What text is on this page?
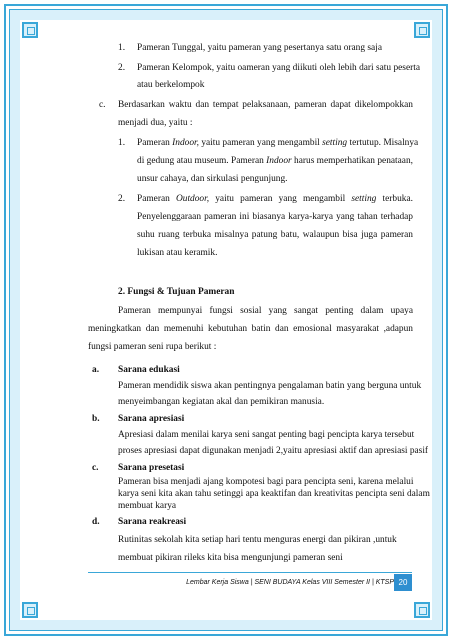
1. Pameran Tunggal, yaitu pameran yang pesertanya satu orang saja
2. Pameran Kelompok, yaitu oameran yang diikuti oleh lebih dari satu peserta
atau berkelompok
c. Berdasarkan waktu dan tempat pelaksanaan, pameran dapat dikelompokkan
menjadi dua, yaitu :
1. Pameran Indoor, yaitu pameran yang mengambil setting tertutup. Misalnya
di gedung atau museum. Pameran Indoor harus memperhatikan penataan,
unsur cahaya, dan sirkulasi pengunjung.
2. Pameran Outdoor, yaitu pameran yang mengambil setting terbuka.
Penyelenggaraan pameran ini biasanya karya-karya yang tahan terhadap
suhu ruang terbuka misalnya patung batu, walaupun bisa juga pameran
lukisan atau keramik.
2. Fungsi & Tujuan Pameran
Pameran mempunyai fungsi sosial yang sangat penting dalam upaya
meningkatkan dan memenuhi kebutuhan batin dan emosional masyarakat ,adapun
fungsi pameran seni rupa berikut :
a. Sarana edukasi
Pameran mendidik siswa akan pentingnya pengalaman batin yang berguna untuk
menyeimbangan kegiatan akal dan pemikiran manusia.
b. Sarana apresiasi
Apresiasi dalam menilai karya seni sangat penting bagi pencipta karya tersebut
proses apresiasi dapat digunakan menjadi 2,yaitu apresiasi aktif dan apresiasi pasif
c. Sarana presetasi
Pameran bisa menjadi ajang kompotesi bagi para pencipta seni, karena melalui
karya seni kita akan tahu setinggi apa keaktifan dan kreativitas pencipta seni dalam
membuat karya
d. Sarana reakreasi
Rutinitas sekolah kita setiap hari tentu menguras energi dan pikiran ,untuk
membuat pikiran rileks kita bisa mengunjungi pameran seni
Lembar Kerja Siswa | SENI BUDAYA Kelas VIII Semester II | KTSP 20
